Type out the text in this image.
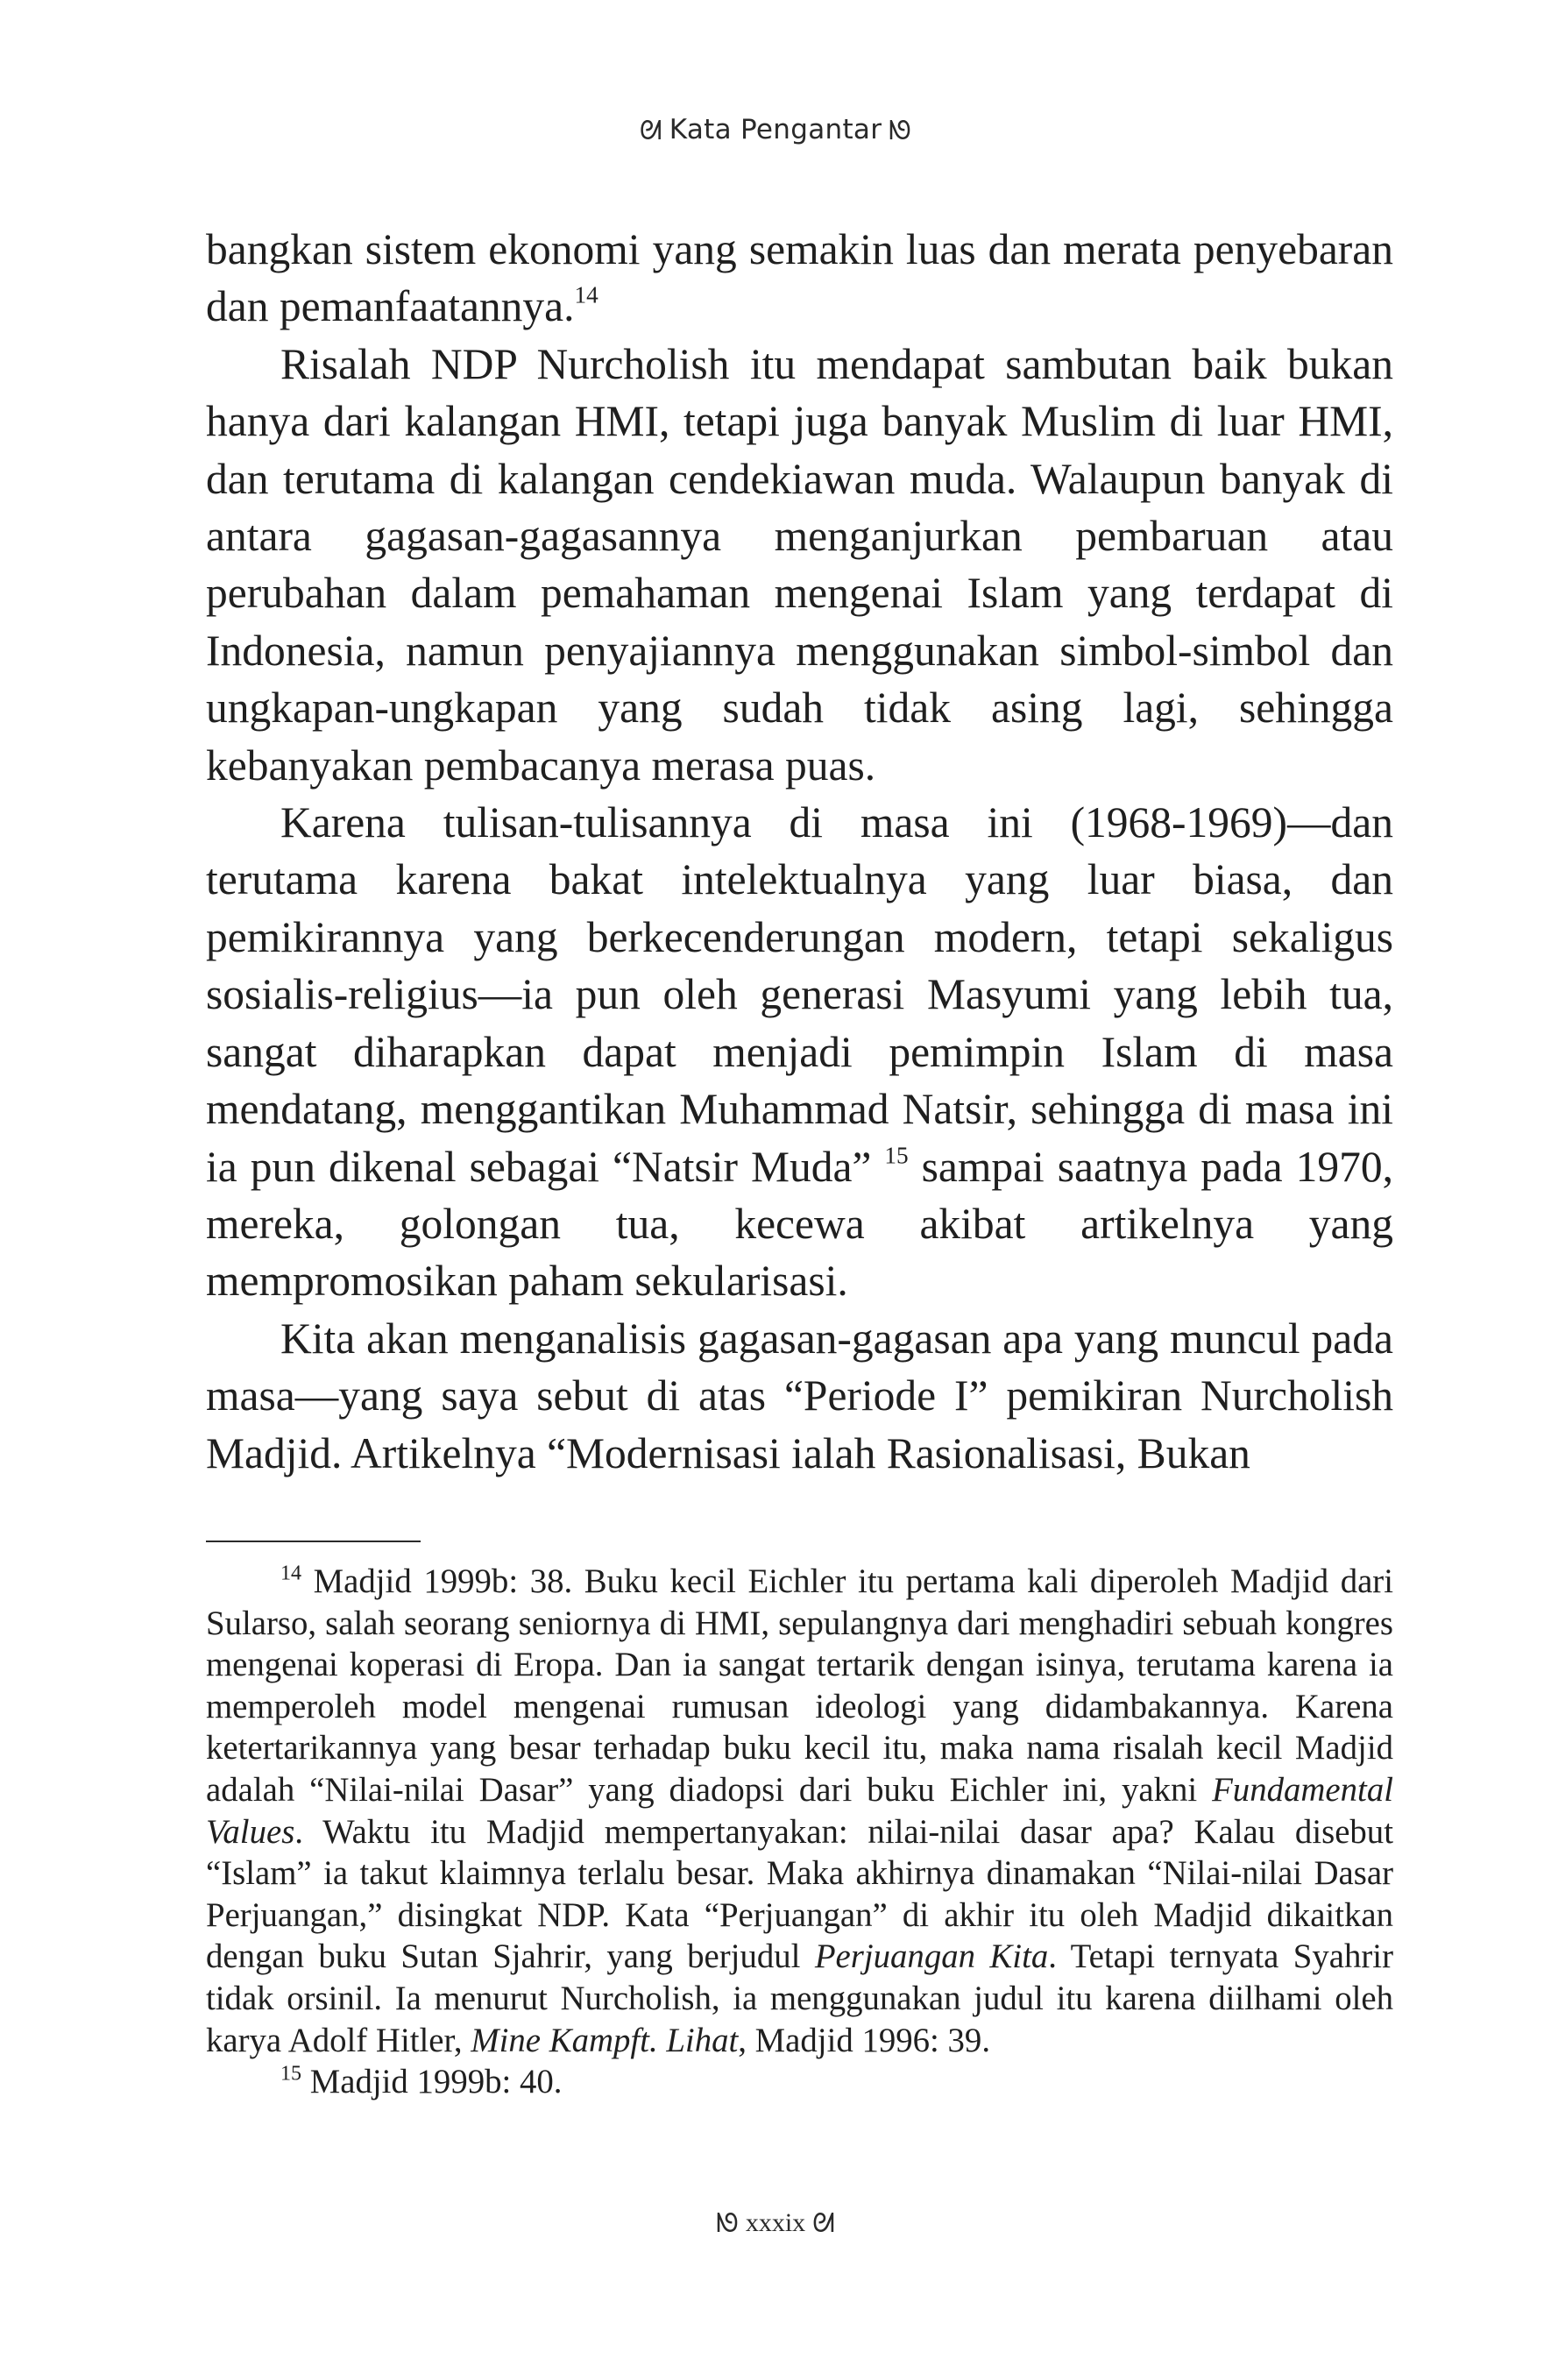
ᘛ Kata Pengantar ᘚ

bangkan sistem ekonomi yang semakin luas dan merata penyebaran dan pemanfaatannya.$^{14}$

Risalah NDP Nurcholish itu mendapat sambutan baik bukan hanya dari kalangan HMI, tetapi juga banyak Muslim di luar HMI, dan terutama di kalangan cendekiawan muda. Walaupun banyak di antara gagasan-gagasannya menganjurkan pembaruan atau perubahan dalam pemahaman mengenai Islam yang terdapat di Indonesia, namun penyajiannya menggunakan simbol-simbol dan ungkapan-ungkapan yang sudah tidak asing lagi, sehingga kebanyakan pembacanya merasa puas.

Karena tulisan-tulisannya di masa ini (1968-1969)—dan terutama karena bakat intelektualnya yang luar biasa, dan pemikirannya yang berkecenderungan modern, tetapi sekaligus sosialis-religius—ia pun oleh generasi Masyumi yang lebih tua, sangat diharapkan dapat menjadi pemimpin Islam di masa mendatang, menggantikan Muhammad Natsir, sehingga di masa ini ia pun dikenal sebagai “Natsir Muda” $^{15}$ sampai saatnya pada 1970, mereka, golongan tua, kecewa akibat artikelnya yang mempromosikan paham sekularisasi.

Kita akan menganalisis gagasan-gagasan apa yang muncul pada masa—yang saya sebut di atas “Periode I” pemikiran Nurcholish Madjid. Artikelnya “Modernisasi ialah Rasionalisasi, Bukan

$^{14}$ Madjid 1999b: 38. Buku kecil Eichler itu pertama kali diperoleh Madjid dari Sularso, salah seorang seniornya di HMI, sepulangnya dari menghadiri sebuah kongres mengenai koperasi di Eropa. Dan ia sangat tertarik dengan isinya, terutama karena ia memperoleh model mengenai rumusan ideologi yang didambakannya. Karena ketertarikannya yang besar terhadap buku kecil itu, maka nama risalah kecil Madjid adalah “Nilai-nilai Dasar” yang diadopsi dari buku Eichler ini, yakni Fundamental Values. Waktu itu Madjid mempertanyakan: nilai-nilai dasar apa? Kalau disebut “Islam” ia takut klaimnya terlalu besar. Maka akhirnya dinamakan “Nilai-nilai Dasar Perjuangan,” disingkat NDP. Kata “Perjuangan” di akhir itu oleh Madjid dikaitkan dengan buku Sutan Sjahrir, yang berjudul Perjuangan Kita. Tetapi ternyata Syahrir tidak orsinil. Ia menurut Nurcholish, ia menggunakan judul itu karena diilhami oleh karya Adolf Hitler, Mine Kampft. Lihat, Madjid 1996: 39.

$^{15}$ Madjid 1999b: 40.

ᘚ xxxix ᘛ
